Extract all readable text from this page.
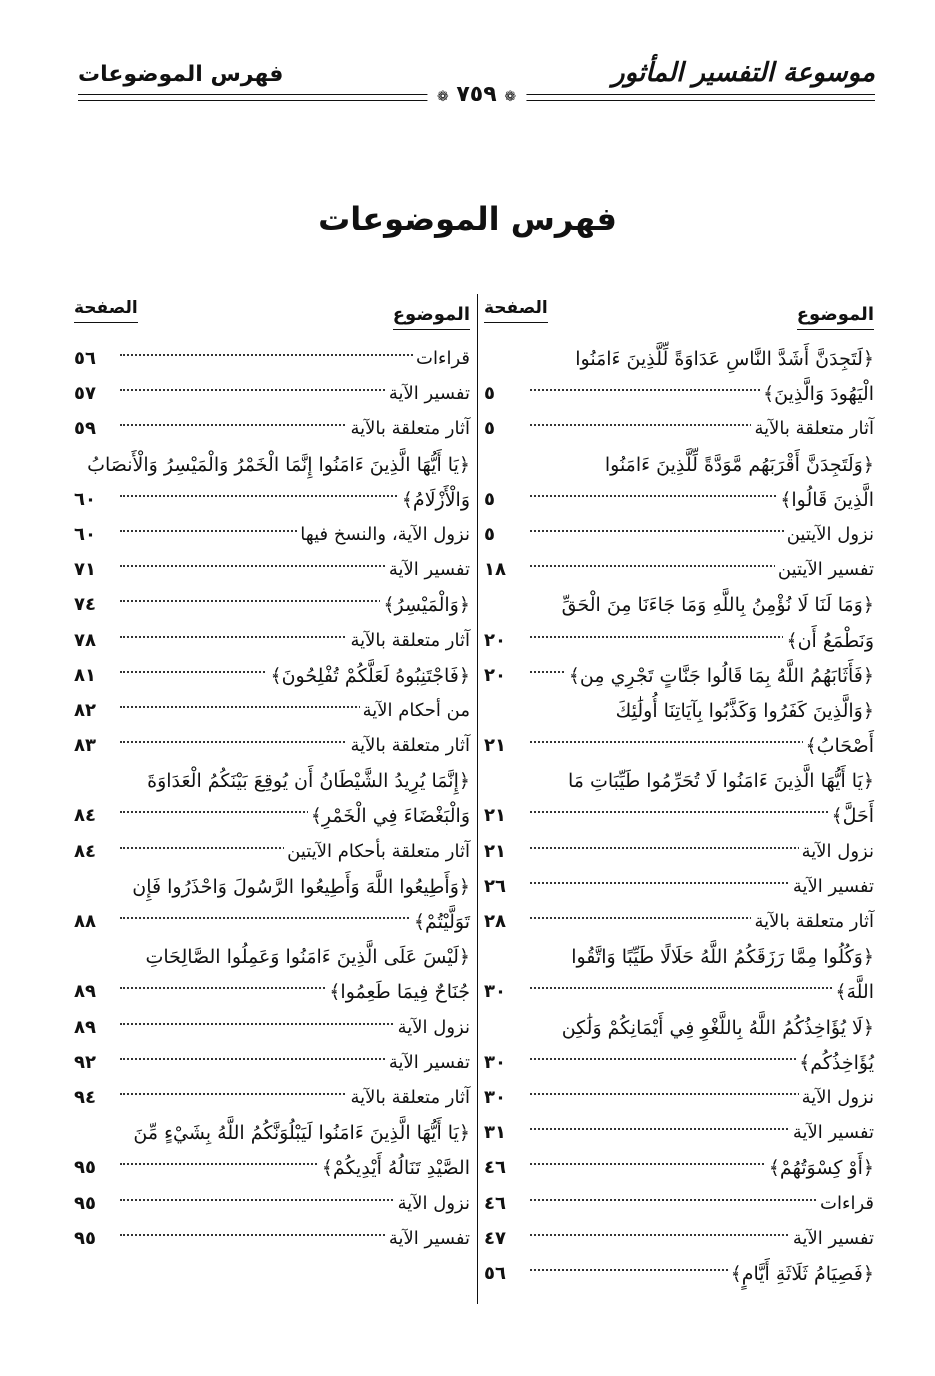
موسوعة التفسير المأثور
فهرس الموضوعات
❁ ٧٥٩ ❁
فهرس الموضوعات
الموضوع
الصفحة
﴿لَتَجِدَنَّ أَشَدَّ النَّاسِ عَدَاوَةً لِّلَّذِينَ ءَامَنُوا
الْيَهُودَ وَالَّذِينَ﴾
٥
آثار متعلقة بالآية
٥
﴿وَلَتَجِدَنَّ أَقْرَبَهُم مَّوَدَّةً لِّلَّذِينَ ءَامَنُوا
الَّذِينَ قَالُوا﴾
٥
نزول الآيتين
٥
تفسير الآيتين
١٨
﴿وَمَا لَنَا لَا نُؤْمِنُ بِاللَّهِ وَمَا جَاءَنَا مِنَ الْحَقِّ
وَنَطْمَعُ أَن﴾
٢٠
﴿فَأَثَابَهُمُ اللَّهُ بِمَا قَالُوا جَنَّاتٍ تَجْرِي مِن﴾
٢٠
﴿وَالَّذِينَ كَفَرُوا وَكَذَّبُوا بِآيَاتِنَا أُولَٰئِكَ
أَصْحَابُ﴾
٢١
﴿يَا أَيُّهَا الَّذِينَ ءَامَنُوا لَا تُحَرِّمُوا طَيِّبَاتِ مَا
أَحَلَّ﴾
٢١
نزول الآية
٢١
تفسير الآية
٢٦
آثار متعلقة بالآية
٢٨
﴿وَكُلُوا مِمَّا رَزَقَكُمُ اللَّهُ حَلَالًا طَيِّبًا وَاتَّقُوا
اللَّهَ﴾
٣٠
﴿لَا يُؤَاخِذُكُمُ اللَّهُ بِاللَّغْوِ فِي أَيْمَانِكُمْ وَلَٰكِن
يُؤَاخِذُكُم﴾
٣٠
نزول الآية
٣٠
تفسير الآية
٣١
﴿أَوْ كِسْوَتُهُمْ﴾
٤٦
قراءات
٤٦
تفسير الآية
٤٧
﴿فَصِيَامُ ثَلَاثَةِ أَيَّامٍ﴾
٥٦
الموضوع
الصفحة
قراءات
٥٦
تفسير الآية
٥٧
آثار متعلقة بالآية
٥٩
﴿يَا أَيُّهَا الَّذِينَ ءَامَنُوا إِنَّمَا الْخَمْرُ وَالْمَيْسِرُ وَالْأَنصَابُ
وَالْأَزْلَامُ﴾
٦٠
نزول الآية، والنسخ فيها
٦٠
تفسير الآية
٧١
﴿وَالْمَيْسِرُ﴾
٧٤
آثار متعلقة بالآية
٧٨
﴿فَاجْتَنِبُوهُ لَعَلَّكُمْ تُفْلِحُونَ﴾
٨١
من أحكام الآية
٨٢
آثار متعلقة بالآية
٨٣
﴿إِنَّمَا يُرِيدُ الشَّيْطَانُ أَن يُوقِعَ بَيْنَكُمُ الْعَدَاوَةَ
وَالْبَغْضَاءَ فِي الْخَمْرِ﴾
٨٤
آثار متعلقة بأحكام الآيتين
٨٤
﴿وَأَطِيعُوا اللَّهَ وَأَطِيعُوا الرَّسُولَ وَاحْذَرُوا فَإِن
تَوَلَّيْتُمْ﴾
٨٨
﴿لَيْسَ عَلَى الَّذِينَ ءَامَنُوا وَعَمِلُوا الصَّالِحَاتِ
جُنَاحٌ فِيمَا طَعِمُوا﴾
٨٩
نزول الآية
٨٩
تفسير الآية
٩٢
آثار متعلقة بالآية
٩٤
﴿يَا أَيُّهَا الَّذِينَ ءَامَنُوا لَيَبْلُوَنَّكُمُ اللَّهُ بِشَيْءٍ مِّنَ
الصَّيْدِ تَنَالُهُ أَيْدِيكُمْ﴾
٩٥
نزول الآية
٩٥
تفسير الآية
٩٥
